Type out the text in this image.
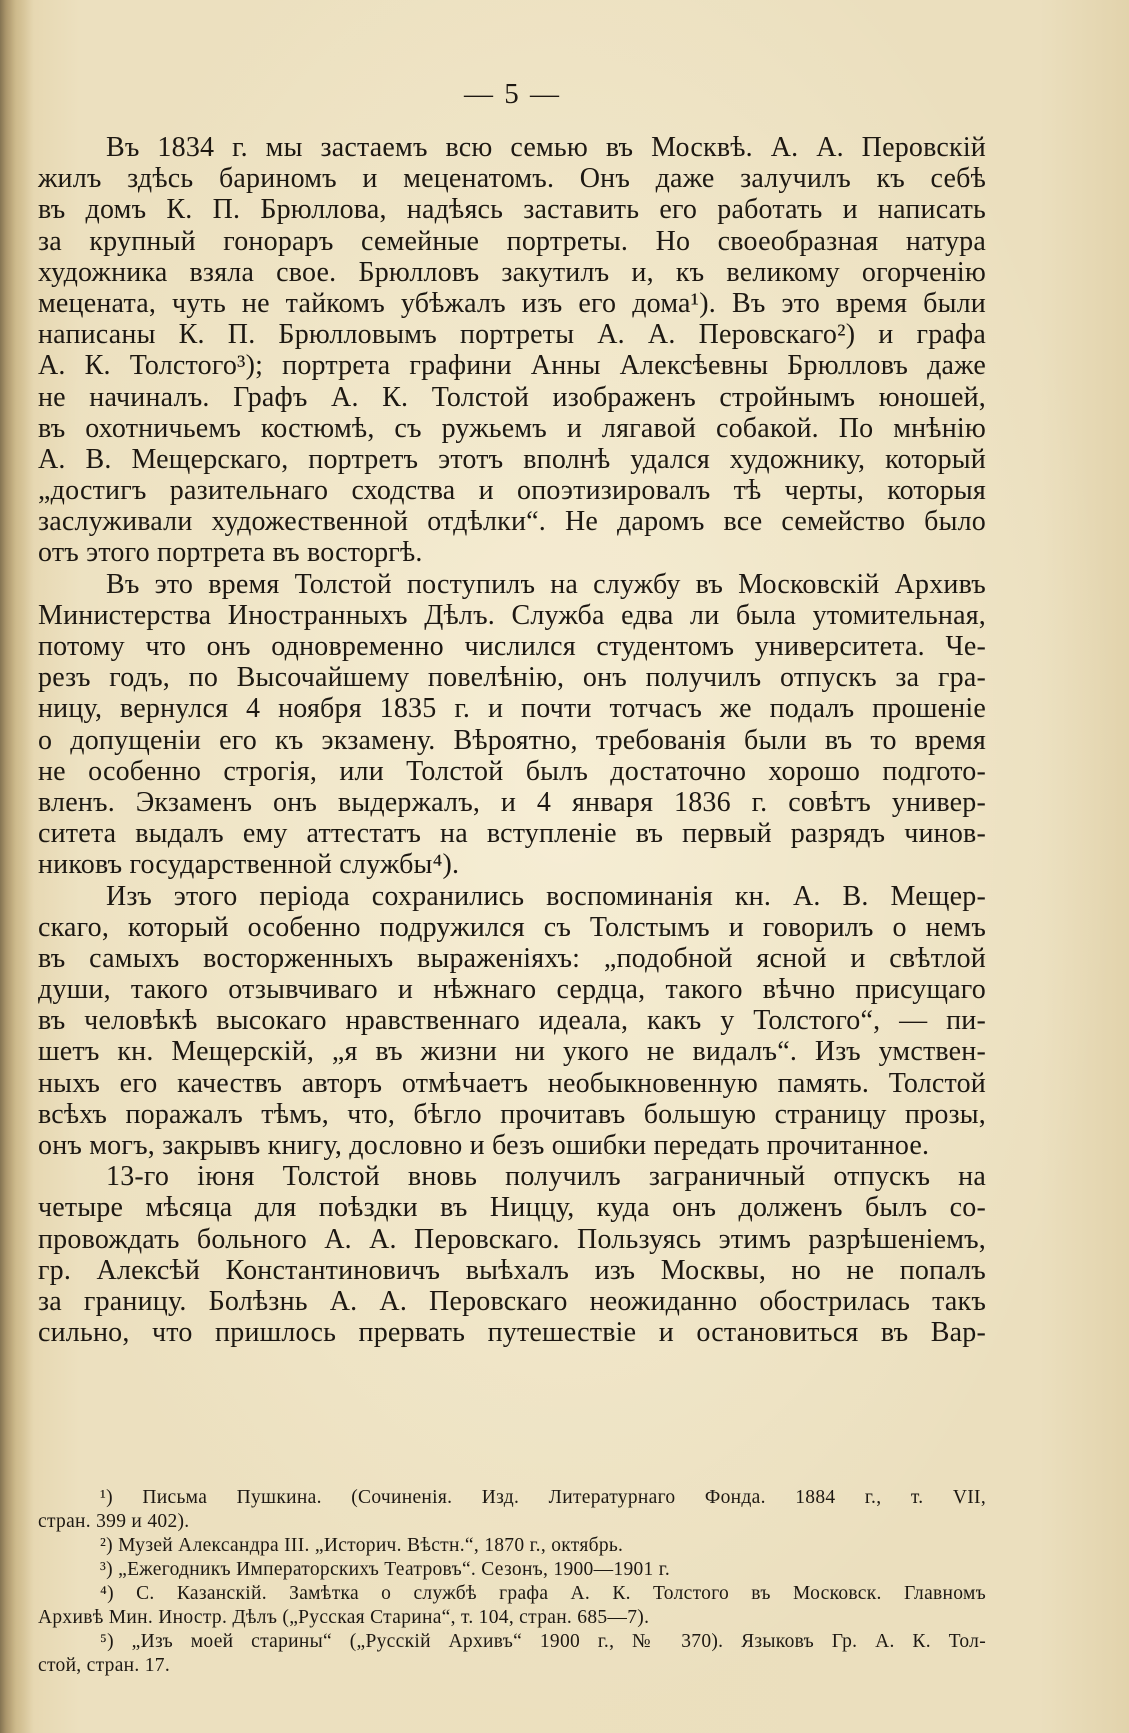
— 5 —
Въ 1834 г. мы застаемъ всю семью въ Москвѣ. А. А. Перовскій
жилъ здѣсь бариномъ и меценатомъ. Онъ даже залучилъ къ себѣ
въ домъ К. П. Брюллова, надѣясь заставить его работать и написать
за крупный гонораръ семейные портреты. Но своеобразная натура
художника взяла свое. Брюлловъ закутилъ и, къ великому огорченію
мецената, чуть не тайкомъ убѣжалъ изъ его дома¹). Въ это время были
написаны К. П. Брюлловымъ портреты А. А. Перовскаго²) и графа
А. К. Толстого³); портрета графини Анны Алексѣевны Брюлловъ даже
не начиналъ. Графъ А. К. Толстой изображенъ стройнымъ юношей,
въ охотничьемъ костюмѣ, съ ружьемъ и лягавой собакой. По мнѣнію
А. В. Мещерскаго, портретъ этотъ вполнѣ удался художнику, который
„достигъ разительнаго сходства и опоэтизировалъ тѣ черты, которыя
заслуживали художественной отдѣлки“. Не даромъ все семейство было
отъ этого портрета въ восторгѣ.
Въ это время Толстой поступилъ на службу въ Московскій Архивъ
Министерства Иностранныхъ Дѣлъ. Служба едва ли была утомительная,
потому что онъ одновременно числился студентомъ университета. Че-
резъ годъ, по Высочайшему повелѣнію, онъ получилъ отпускъ за гра-
ницу, вернулся 4 ноября 1835 г. и почти тотчасъ же подалъ прошеніе
о допущеніи его къ экзамену. Вѣроятно, требованія были въ то время
не особенно строгія, или Толстой былъ достаточно хорошо подгото-
вленъ. Экзаменъ онъ выдержалъ, и 4 января 1836 г. совѣтъ универ-
ситета выдалъ ему аттестатъ на вступленіе въ первый разрядъ чинов-
никовъ государственной службы⁴).
Изъ этого періода сохранились воспоминанія кн. А. В. Мещер-
скаго, который особенно подружился съ Толстымъ и говорилъ о немъ
въ самыхъ восторженныхъ выраженіяхъ: „подобной ясной и свѣтлой
души, такого отзывчиваго и нѣжнаго сердца, такого вѣчно присущаго
въ человѣкѣ высокаго нравственнаго идеала, какъ у Толстого“, — пи-
шетъ кн. Мещерскій, „я въ жизни ни укого не видалъ“. Изъ умствен-
ныхъ его качествъ авторъ отмѣчаетъ необыкновенную память. Толстой
всѣхъ поражалъ тѣмъ, что, бѣгло прочитавъ большую страницу прозы,
онъ могъ, закрывъ книгу, дословно и безъ ошибки передать прочитанное.
13-го іюня Толстой вновь получилъ заграничный отпускъ на
четыре мѣсяца для поѣздки въ Ниццу, куда онъ долженъ былъ со-
провождать больного А. А. Перовскаго. Пользуясь этимъ разрѣшеніемъ,
гр. Алексѣй Константиновичъ выѣхалъ изъ Москвы, но не попалъ
за границу. Болѣзнь А. А. Перовскаго неожиданно обострилась такъ
сильно, что пришлось прервать путешествіе и остановиться въ Вар-
¹) Письма Пушкина. (Сочиненія. Изд. Литературнаго Фонда. 1884 г., т. VII,
стран. 399 и 402).
²) Музей Александра III. „Историч. Вѣстн.“, 1870 г., октябрь.
³) „Ежегодникъ Императорскихъ Театровъ“. Сезонъ, 1900—1901 г.
⁴) С. Казанскій. Замѣтка о службѣ графа А. К. Толстого въ Московск. Главномъ
Архивѣ Мин. Иностр. Дѣлъ („Русская Старина“, т. 104, стран. 685—7).
⁵) „Изъ моей старины“ („Русскій Архивъ“ 1900 г., № 370). Языковъ Гр. А. К. Тол-
стой, стран. 17.
